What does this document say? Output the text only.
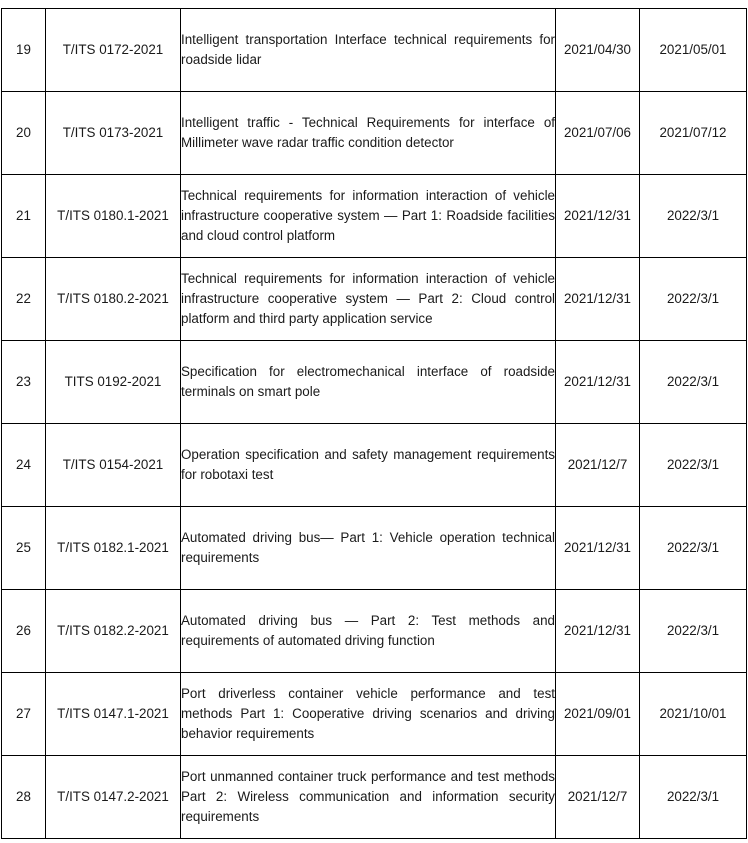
19	T/ITS 0172-2021	Intelligent transportation Interface technical requirements for roadside lidar	2021/04/30	2021/05/01
20	T/ITS 0173-2021	Intelligent traffic - Technical Requirements for interface of Millimeter wave radar traffic condition detector	2021/07/06	2021/07/12
21	T/ITS 0180.1-2021	Technical requirements for information interaction of vehicle infrastructure cooperative system — Part 1: Roadside facilities and cloud control platform	2021/12/31	2022/3/1
22	T/ITS 0180.2-2021	Technical requirements for information interaction of vehicle infrastructure cooperative system — Part 2: Cloud control platform and third party application service	2021/12/31	2022/3/1
23	TITS 0192-2021	Specification for electromechanical interface of roadside terminals on smart pole	2021/12/31	2022/3/1
24	T/ITS 0154-2021	Operation specification and safety management requirements for robotaxi test	2021/12/7	2022/3/1
25	T/ITS 0182.1-2021	Automated driving bus— Part 1: Vehicle operation technical requirements	2021/12/31	2022/3/1
26	T/ITS 0182.2-2021	Automated driving bus — Part 2: Test methods and requirements of automated driving function	2021/12/31	2022/3/1
27	T/ITS 0147.1-2021	Port driverless container vehicle performance and test methods Part 1: Cooperative driving scenarios and driving behavior requirements	2021/09/01	2021/10/01
28	T/ITS 0147.2-2021	Port unmanned container truck performance and test methods Part 2: Wireless communication and information security requirements	2021/12/7	2022/3/1
